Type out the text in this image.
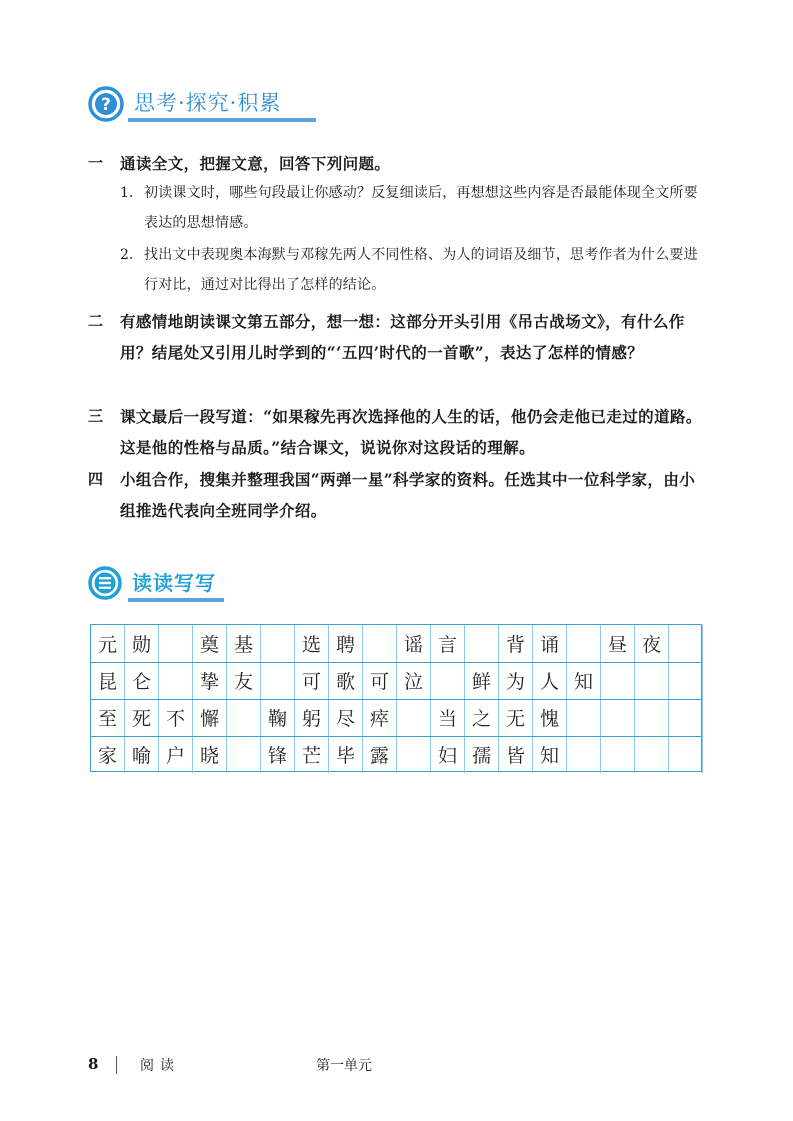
? 思考·探究·积累
一	通读全文，把握文意，回答下列问题。
1. 初读课文时，哪些句段最让你感动？反复细读后，再想想这些内容是否最能体现全文所要表达的思想情感。
2. 找出文中表现奥本海默与邓稼先两人不同性格、为人的词语及细节，思考作者为什么要进行对比，通过对比得出了怎样的结论。
二	有感情地朗读课文第五部分，想一想：这部分开头引用《吊古战场文》，有什么作用？结尾处又引用儿时学到的“‘五四’时代的一首歌”，表达了怎样的情感？
三	课文最后一段写道：“如果稼先再次选择他的人生的话，他仍会走他已走过的道路。这是他的性格与品质。”结合课文，说说你对这段话的理解。
四	小组合作，搜集并整理我国“两弹一星”科学家的资料。任选其中一位科学家，由小组推选代表向全班同学介绍。
读读写写
元 勋	奠 基	选 聘	谣 言	背 诵	昼 夜
昆 仑	挚 友	可 歌 可 泣	鲜 为 人 知
至 死 不 懈	鞠 躬 尽 瘁	当 之 无 愧
家 喻 户 晓	锋 芒 毕 露	妇 孺 皆 知
8	阅读	第一单元
